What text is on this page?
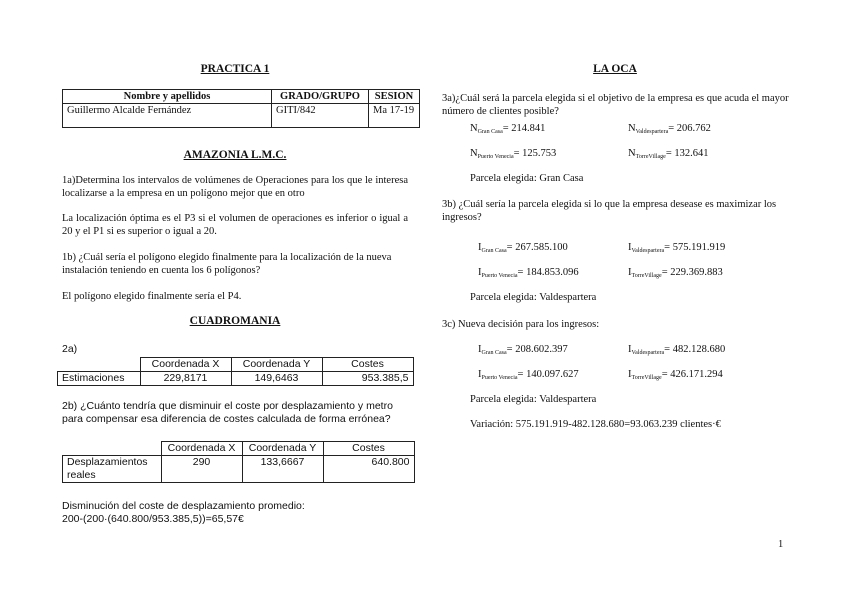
PRACTICA 1
Nombre y apellidos	GRADO/GRUPO	SESION
Guillermo Alcalde Fernández	GITI/842	Ma 17-19
AMAZONIA L.M.C.
1a)Determina los intervalos de volúmenes de Operaciones para los que le interesa localizarse a la empresa en un polígono mejor que en otro
La localización óptima es el P3 si el volumen de operaciones es inferior o igual a 20 y el P1 si es superior o igual a 20.
1b) ¿Cuál sería el polígono elegido finalmente para la localización de la nueva instalación teniendo en cuenta los 6 polígonos?
El polígono elegido finalmente sería el P4.
CUADROMANIA
2a)
	Coordenada X	Coordenada Y	Costes
Estimaciones	229,8171	149,6463	953.385,5
2b) ¿Cuánto tendría que disminuir el coste por desplazamiento y metro para compensar esa diferencia de costes calculada de forma errónea?
	Coordenada X	Coordenada Y	Costes
Desplazamientos reales	290	133,6667	640.800
Disminución del coste de desplazamiento promedio:
200-(200·(640.800/953.385,5))=65,57€
LA OCA
3a)¿Cuál será la parcela elegida si el objetivo de la empresa es que acuda el mayor número de clientes posible?
$N_{Gran Casa}= 214.841$	$N_{Valdespartera}= 206.762$
$N_{Puerto Venecia}= 125.753$	$N_{TorreVillage}= 132.641$
Parcela elegida: Gran Casa
3b) ¿Cuál sería la parcela elegida si lo que la empresa desease es maximizar los ingresos?
$I_{Gran Casa}= 267.585.100$	$I_{Valdespartera}= 575.191.919$
$I_{Puerto Venecia}= 184.853.096$	$I_{TorreVillage}= 229.369.883$
Parcela elegida: Valdespartera
3c) Nueva decisión para los ingresos:
$I_{Gran Casa}= 208.602.397$	$I_{Valdespartera}= 482.128.680$
$I_{Puerto Venecia}= 140.097.627$	$I_{TorreVillage}= 426.171.294$
Parcela elegida: Valdespartera
Variación: 575.191.919-482.128.680=93.063.239 clientes·€
1
